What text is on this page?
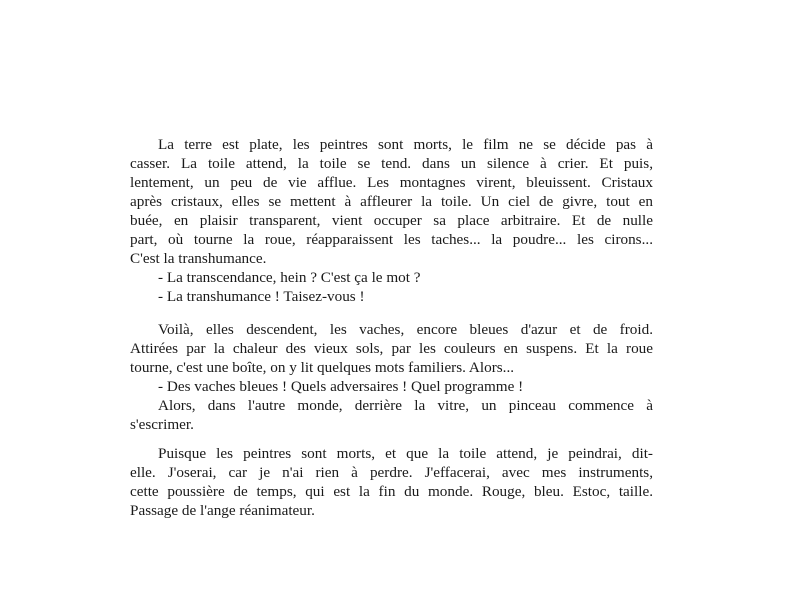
La terre est plate, les peintres sont morts, le film ne se décide pas à
casser. La toile attend, la toile se tend. dans un silence à crier. Et puis,
lentement, un peu de vie afflue. Les montagnes virent, bleuissent. Cristaux
après cristaux, elles se mettent à affleurer la toile. Un ciel de givre, tout en
buée, en plaisir transparent, vient occuper sa place arbitraire. Et de nulle
part, où tourne la roue, réapparaissent les taches... la poudre... les cirons...
C'est la transhumance.
- La transcendance, hein ? C'est ça le mot ?
- La transhumance ! Taisez-vous !
Voilà, elles descendent, les vaches, encore bleues d'azur et de froid.
Attirées par la chaleur des vieux sols, par les couleurs en suspens. Et la roue
tourne, c'est une boîte, on y lit quelques mots familiers. Alors...
- Des vaches bleues ! Quels adversaires ! Quel programme !
Alors, dans l'autre monde, derrière la vitre, un pinceau commence à
s'escrimer.
Puisque les peintres sont morts, et que la toile attend, je peindrai, dit-
elle. J'oserai, car je n'ai rien à perdre. J'effacerai, avec mes instruments,
cette poussière de temps, qui est la fin du monde. Rouge, bleu. Estoc, taille.
Passage de l'ange réanimateur.
